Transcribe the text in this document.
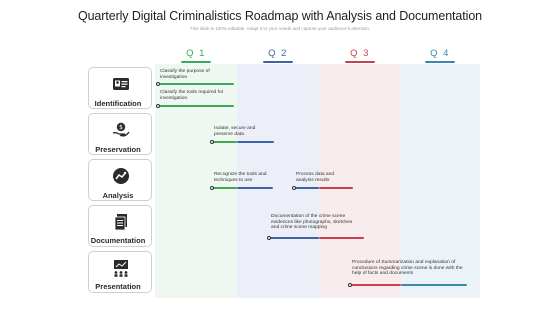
Quarterly Digital Criminalistics Roadmap with Analysis and Documentation
This slide is 100% editable. Adapt it to your needs and capture your audience's attention.
Q 1	Q 2	Q 3	Q 4
Identification
$
Preservation
Analysis
Documentation
Presentation
Classify the purpose of investigation
Classify the tools required for investigation
Isolate, secure and preserve data
Recognize the tools and techniques to use
Process data and analysis results
Documentation of the crime scene evidences like photographs, sketches and crime scene mapping
Procedure of Summarization and explanation of conclusions regarding crime scene is done with the help of facts and documents
